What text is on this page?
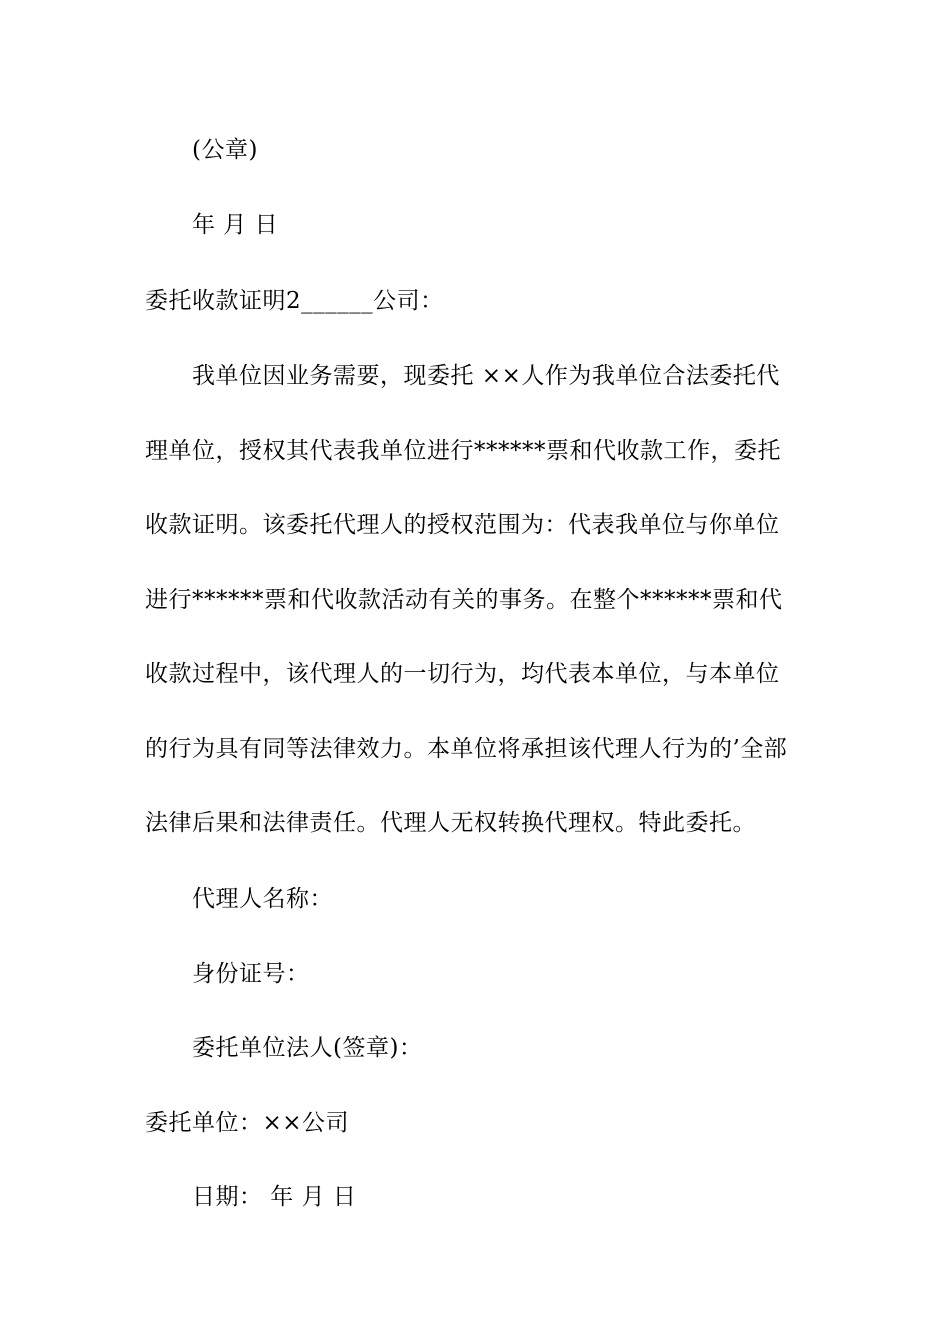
(公章)
年 月 日
委托收款证明2______公司：
我单位因业务需要，现委托 ××人作为我单位合法委托代
理单位，授权其代表我单位进行******票和代收款工作，委托
收款证明。该委托代理人的授权范围为：代表我单位与你单位
进行******票和代收款活动有关的事务。在整个******票和代
收款过程中，该代理人的一切行为，均代表本单位，与本单位
的行为具有同等法律效力。本单位将承担该代理人行为的’全部
法律后果和法律责任。代理人无权转换代理权。特此委托。
代理人名称：
身份证号：
委托单位法人(签章)：
委托单位：××公司
日期： 年 月 日
